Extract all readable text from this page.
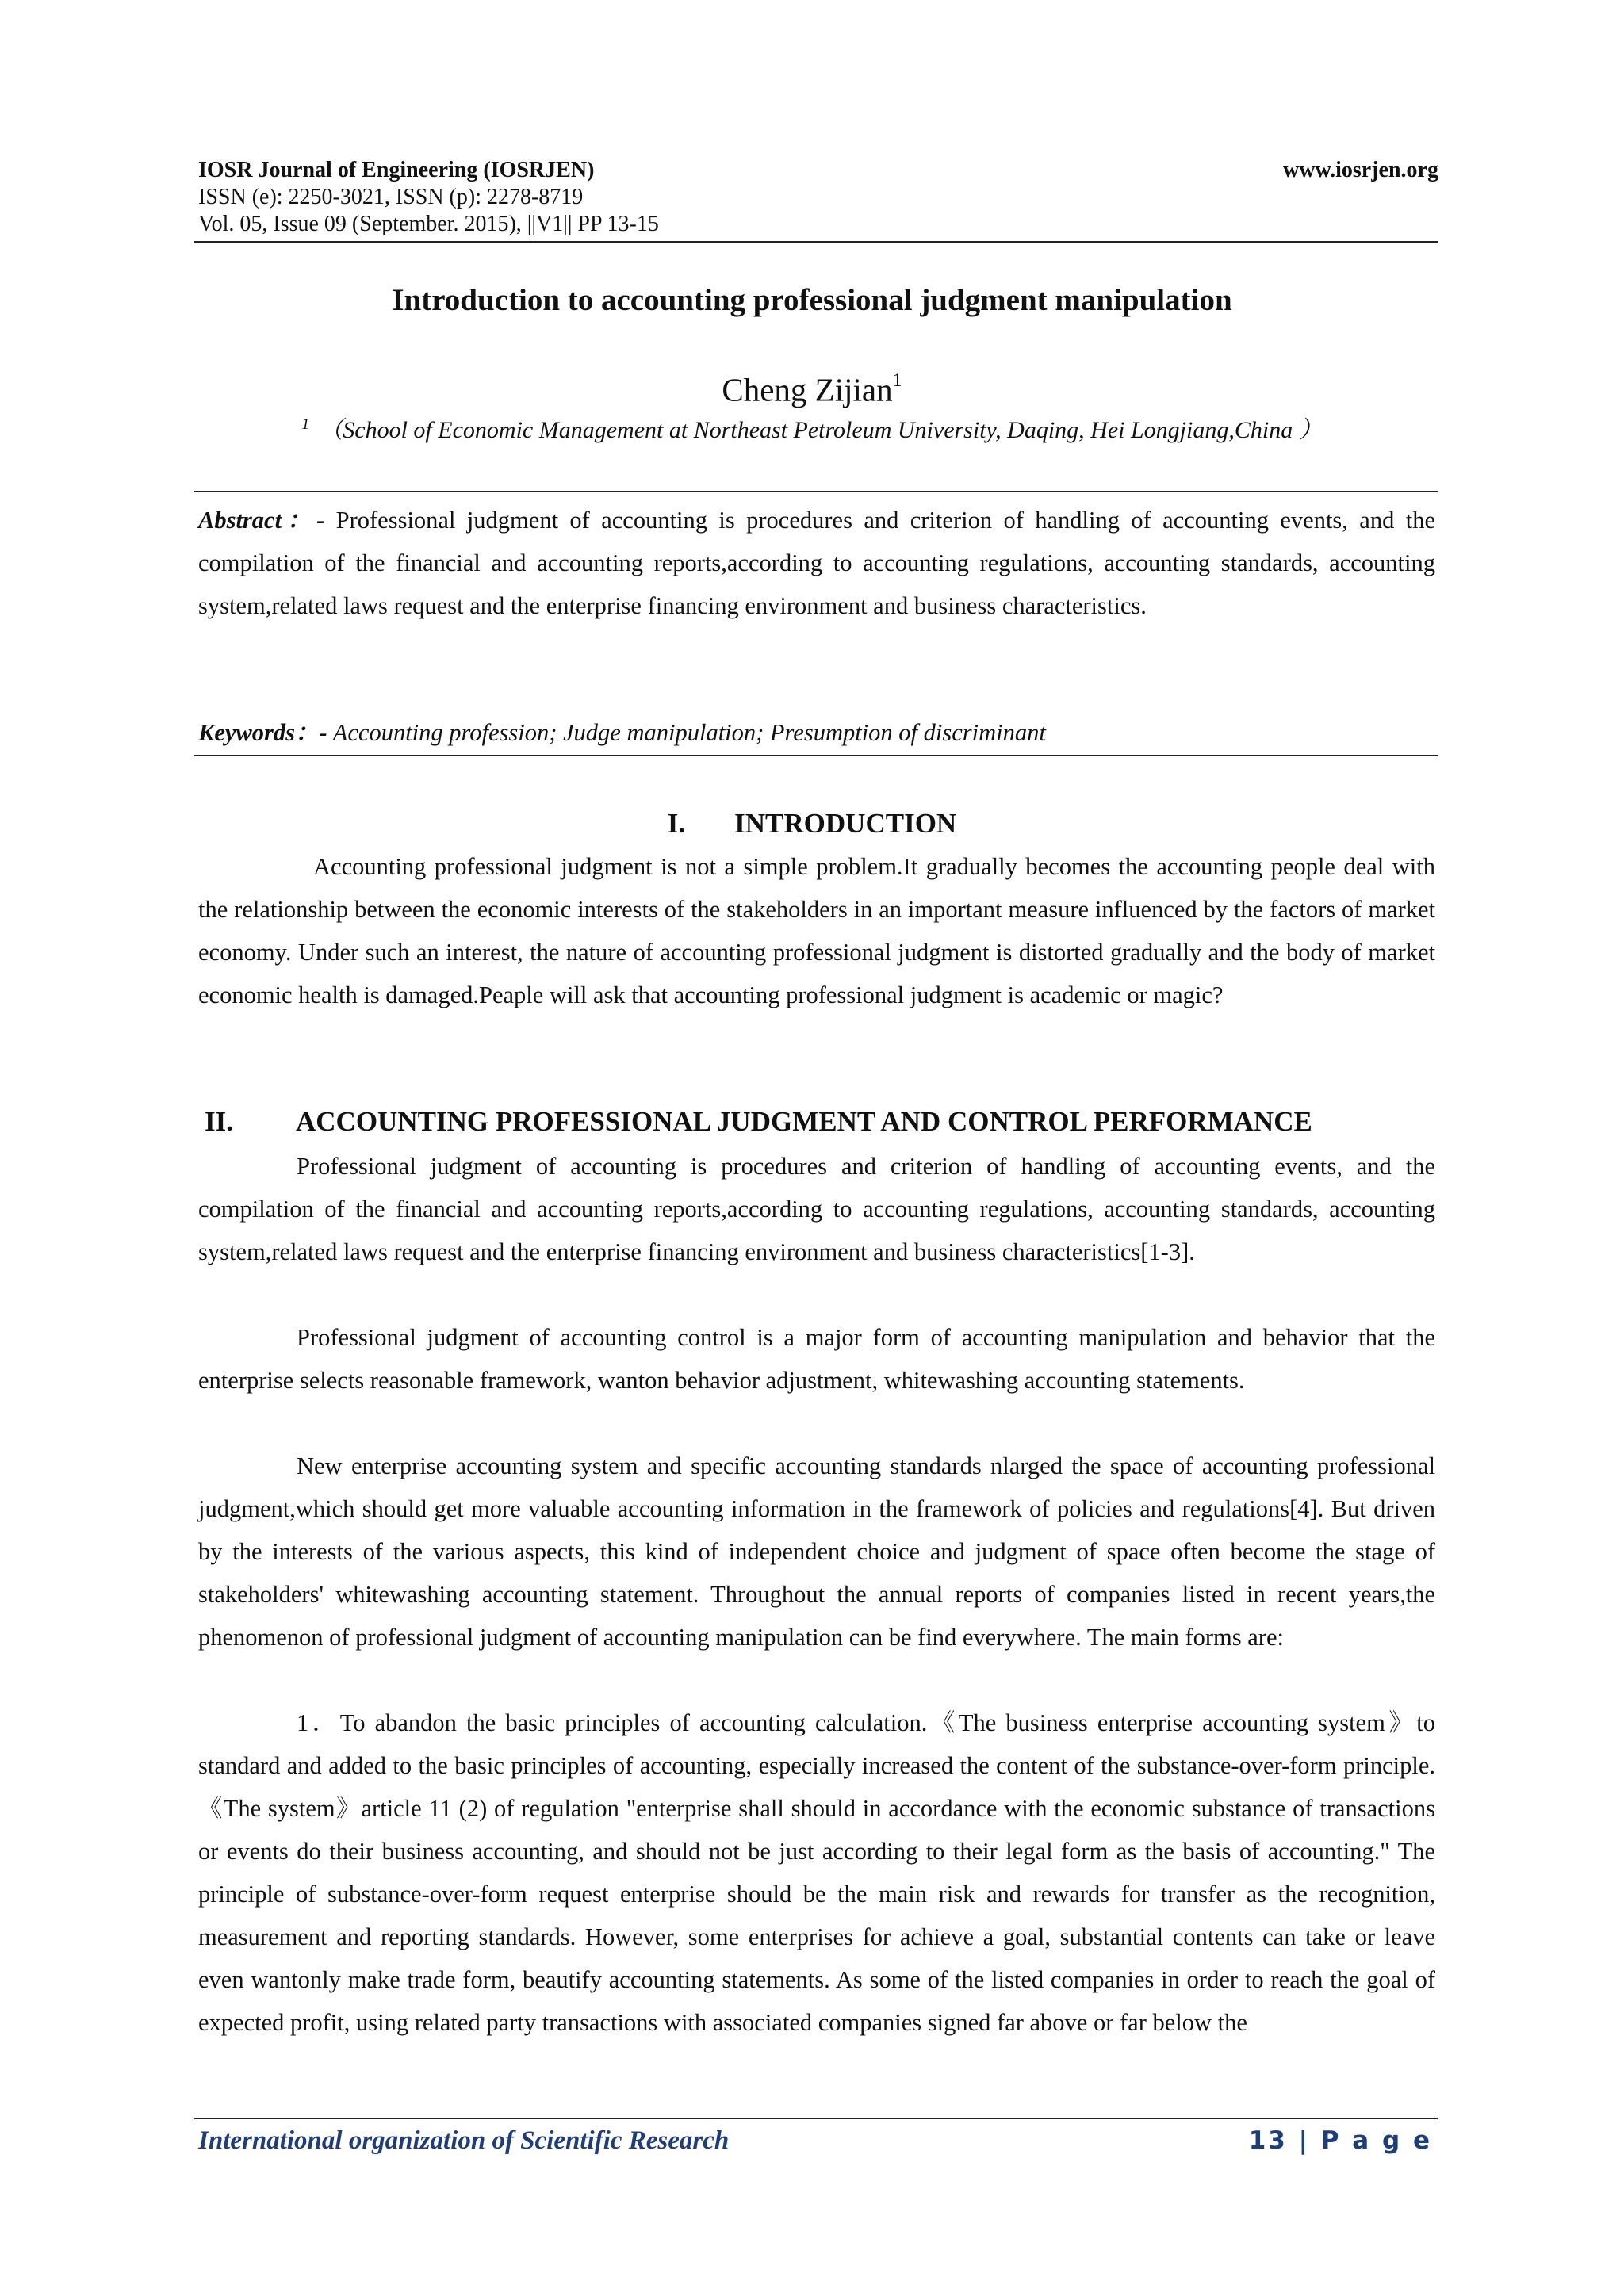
IOSR Journal of Engineering (IOSRJEN)	www.iosrjen.org
ISSN (e): 2250-3021, ISSN (p): 2278-8719
Vol. 05, Issue 09 (September. 2015), ||V1|| PP 13-15
Introduction to accounting professional judgment manipulation
Cheng Zijian$^1$
$^1$ （School of Economic Management at Northeast Petroleum University, Daqing, Hei Longjiang,China ）
Abstract：- Professional judgment of accounting is procedures and criterion of handling of accounting events, and the compilation of the financial and accounting reports,according to accounting regulations, accounting standards, accounting system,related laws request and the enterprise financing environment and business characteristics.
Keywords：- Accounting profession; Judge manipulation; Presumption of discriminant
I. INTRODUCTION
Accounting professional judgment is not a simple problem.It gradually becomes the accounting people deal with the relationship between the economic interests of the stakeholders in an important measure influenced by the factors of market economy. Under such an interest, the nature of accounting professional judgment is distorted gradually and the body of market economic health is damaged.Peaple will ask that accounting professional judgment is academic or magic?
II. ACCOUNTING PROFESSIONAL JUDGMENT AND CONTROL PERFORMANCE
Professional judgment of accounting is procedures and criterion of handling of accounting events, and the compilation of the financial and accounting reports,according to accounting regulations, accounting standards, accounting system,related laws request and the enterprise financing environment and business characteristics[1-3].
Professional judgment of accounting control is a major form of accounting manipulation and behavior that the enterprise selects reasonable framework, wanton behavior adjustment, whitewashing accounting statements.
New enterprise accounting system and specific accounting standards nlarged the space of accounting professional judgment,which should get more valuable accounting information in the framework of policies and regulations[4]. But driven by the interests of the various aspects, this kind of independent choice and judgment of space often become the stage of stakeholders' whitewashing accounting statement. Throughout the annual reports of companies listed in recent years,the phenomenon of professional judgment of accounting manipulation can be find everywhere. The main forms are:
1．To abandon the basic principles of accounting calculation.《The business enterprise accounting system》to standard and added to the basic principles of accounting, especially increased the content of the substance-over-form principle.《The system》article 11 (2) of regulation "enterprise shall should in accordance with the economic substance of transactions or events do their business accounting, and should not be just according to their legal form as the basis of accounting." The principle of substance-over-form request enterprise should be the main risk and rewards for transfer as the recognition, measurement and reporting standards. However, some enterprises for achieve a goal, substantial contents can take or leave even wantonly make trade form, beautify accounting statements. As some of the listed companies in order to reach the goal of expected profit, using related party transactions with associated companies signed far above or far below the
International organization of Scientific Research	13 | P a g e
